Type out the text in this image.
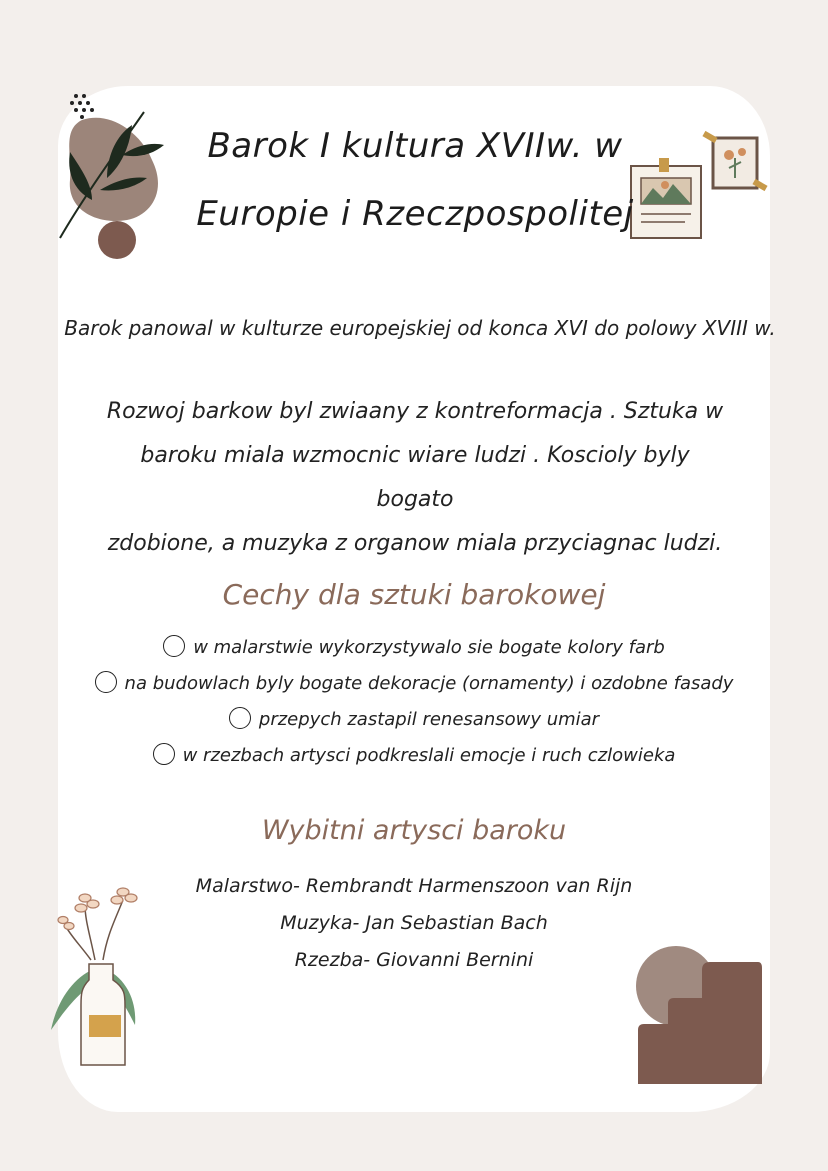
Barok I kultura XVIIw. w
Europie i Rzeczpospolitej
Barok panowal w kulturze europejskiej od konca XVI do polowy XVIII w.
Rozwoj barkow byl zwiaany z kontreformacja . Sztuka w
baroku miala wzmocnic wiare ludzi . Koscioly byly bogato
zdobione, a muzyka z organow miala przyciagnac ludzi.
Cechy dla sztuki barokowej
w malarstwie wykorzystywalo sie bogate kolory farb
na budowlach byly bogate dekoracje (ornamenty) i ozdobne fasady
przepych zastapil renesansowy umiar
w rzezbach artysci podkreslali emocje i ruch czlowieka
Wybitni artysci baroku
Malarstwo- Rembrandt Harmenszoon van Rijn
Muzyka- Jan Sebastian Bach
Rzezba- Giovanni Bernini
